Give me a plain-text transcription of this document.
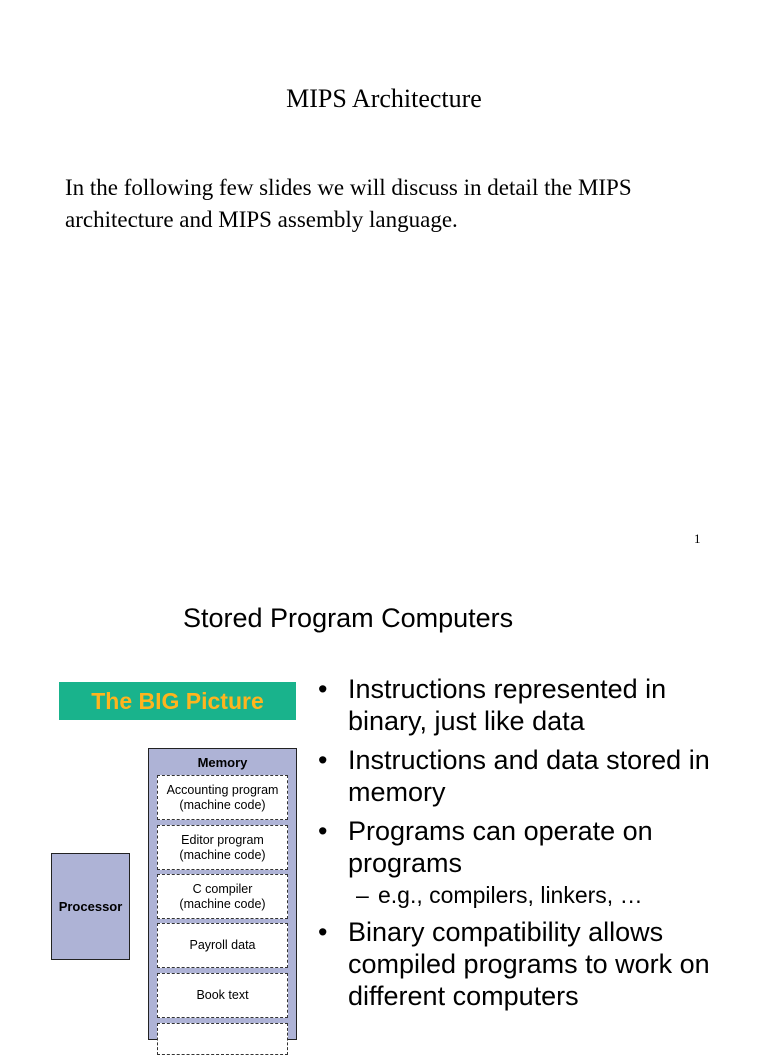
MIPS Architecture
In the following few slides we will discuss in detail the MIPS architecture and MIPS assembly language.
1
Stored Program Computers
The BIG Picture
Processor
Memory
Accounting program
(machine code)
Editor program
(machine code)
C compiler
(machine code)
Payroll data
Book text
• Instructions represented in binary, just like data
• Instructions and data stored in memory
• Programs can operate on programs
– e.g., compilers, linkers, …
• Binary compatibility allows compiled programs to work on different computers
